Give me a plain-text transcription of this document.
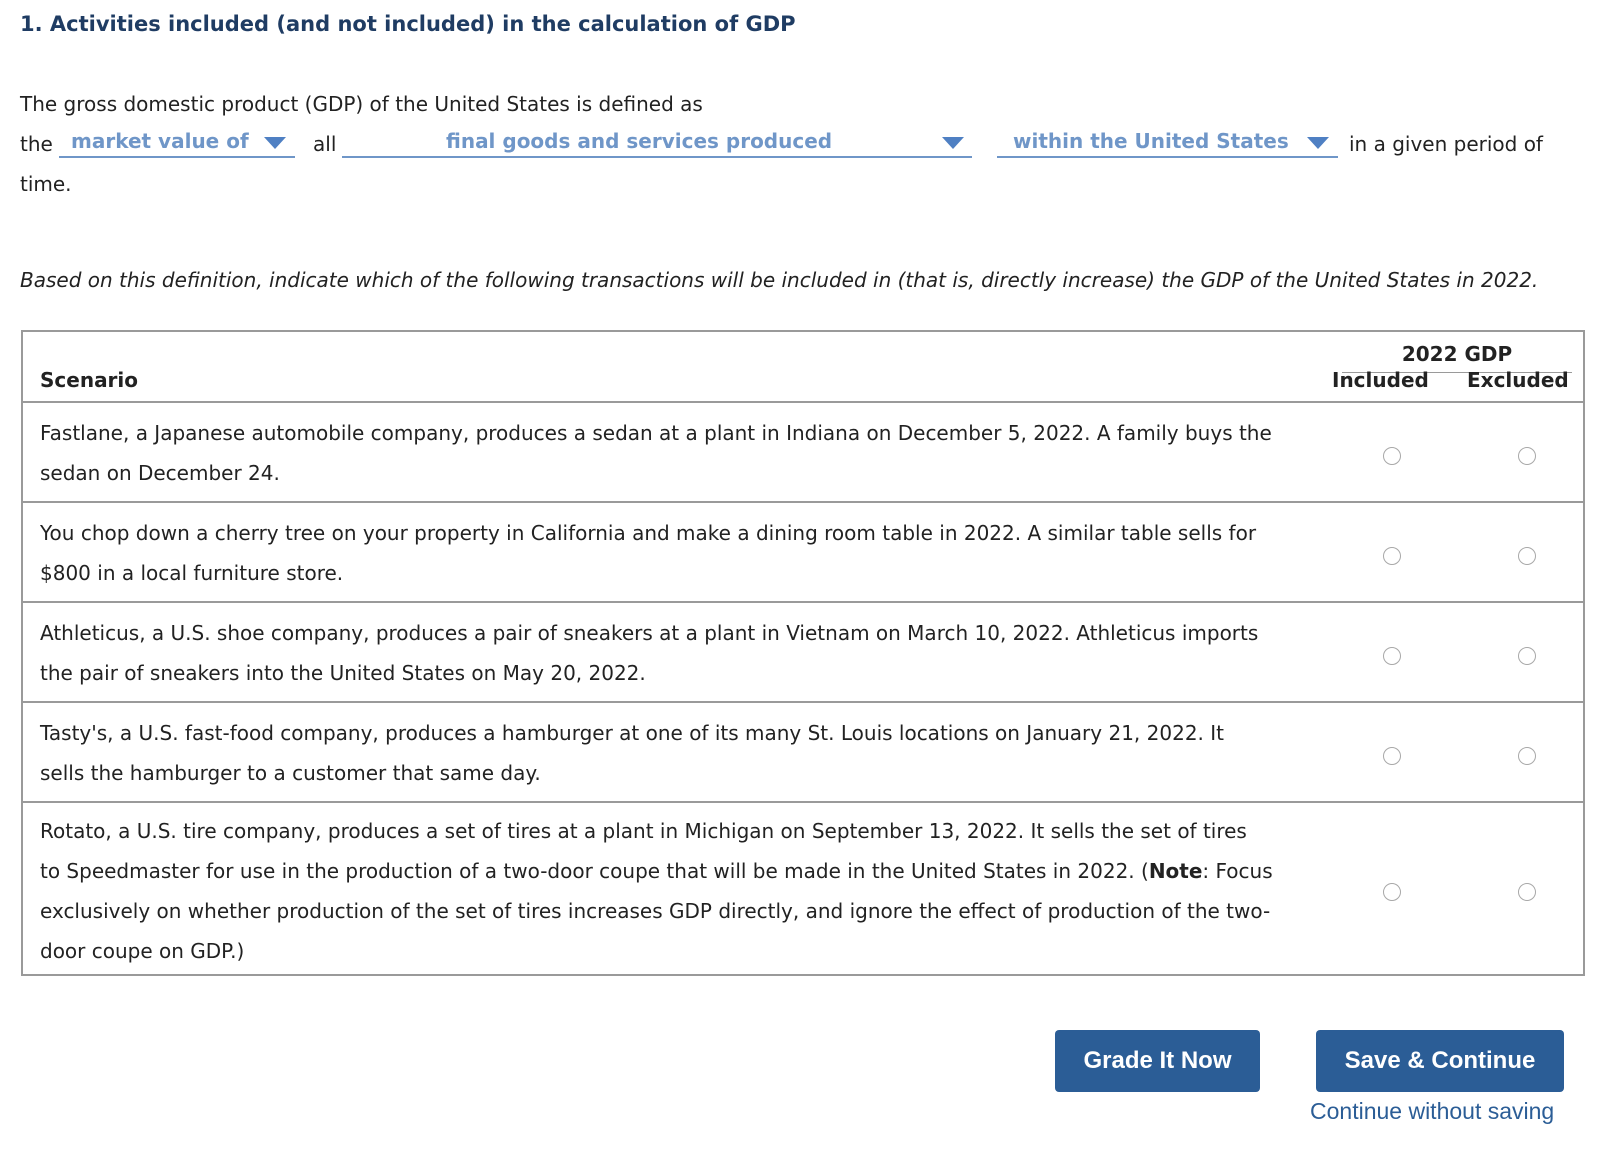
1. Activities included (and not included) in the calculation of GDP
The gross domestic product (GDP) of the United States is defined as
the market value of	all	final goods and services produced	within the United States	in a given period of
time.
Based on this definition, indicate which of the following transactions will be included in (that is, directly increase) the GDP of the United States in 2022.
2022 GDP
Scenario	Included Excluded
Fastlane, a Japanese automobile company, produces a sedan at a plant in Indiana on December 5, 2022. A family buys the
sedan on December 24.
You chop down a cherry tree on your property in California and make a dining room table in 2022. A similar table sells for
$800 in a local furniture store.
Athleticus, a U.S. shoe company, produces a pair of sneakers at a plant in Vietnam on March 10, 2022. Athleticus imports
the pair of sneakers into the United States on May 20, 2022.
Tasty's, a U.S. fast-food company, produces a hamburger at one of its many St. Louis locations on January 21, 2022. It
sells the hamburger to a customer that same day.
Rotato, a U.S. tire company, produces a set of tires at a plant in Michigan on September 13, 2022. It sells the set of tires
to Speedmaster for use in the production of a two-door coupe that will be made in the United States in 2022. (Note: Focus
exclusively on whether production of the set of tires increases GDP directly, and ignore the effect of production of the two-
door coupe on GDP.)
Grade It Now	Save & Continue
Continue without saving
